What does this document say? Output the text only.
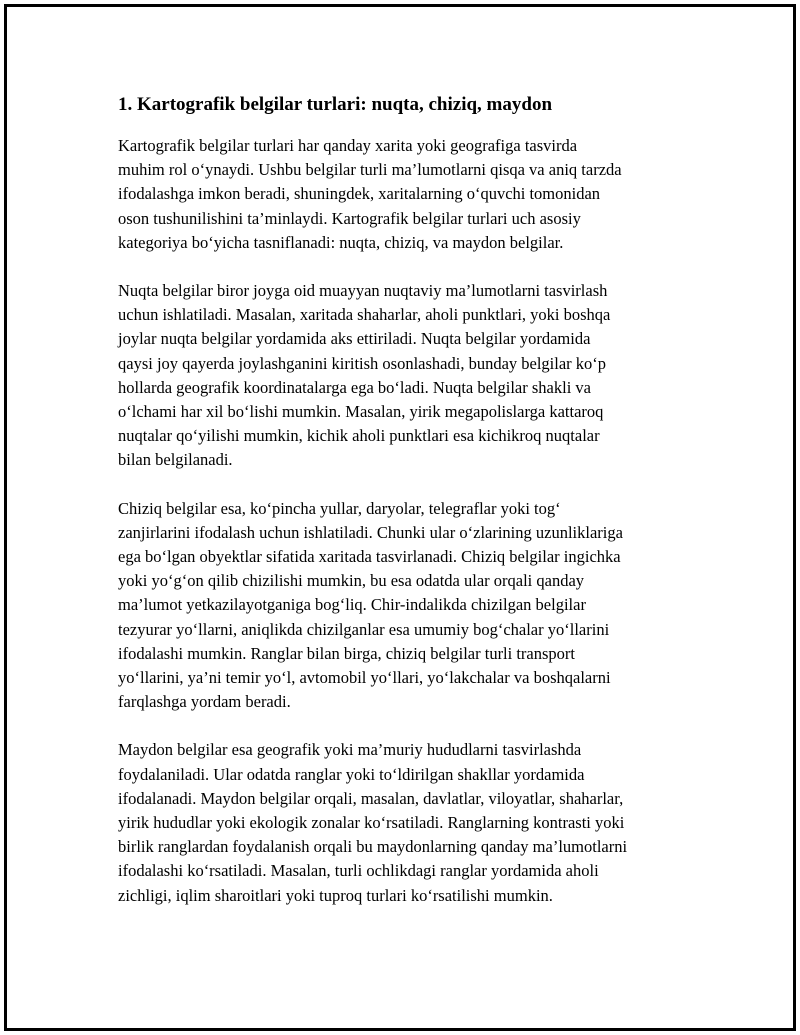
1. Kartografik belgilar turlari: nuqta, chiziq, maydon

Kartografik belgilar turlari har qanday xarita yoki geografiga tasvirda
muhim rol o‘ynaydi. Ushbu belgilar turli ma’lumotlarni qisqa va aniq tarzda
ifodalashga imkon beradi, shuningdek, xaritalarning o‘quvchi tomonidan
oson tushunilishini ta’minlaydi. Kartografik belgilar turlari uch asosiy
kategoriya bo‘yicha tasniflanadi: nuqta, chiziq, va maydon belgilar.

Nuqta belgilar biror joyga oid muayyan nuqtaviy ma’lumotlarni tasvirlash
uchun ishlatiladi. Masalan, xaritada shaharlar, aholi punktlari, yoki boshqa
joylar nuqta belgilar yordamida aks ettiriladi. Nuqta belgilar yordamida
qaysi joy qayerda joylashganini kiritish osonlashadi, bunday belgilar ko‘p
hollarda geografik koordinatalarga ega bo‘ladi. Nuqta belgilar shakli va
o‘lchami har xil bo‘lishi mumkin. Masalan, yirik megapolislarga kattaroq
nuqtalar qo‘yilishi mumkin, kichik aholi punktlari esa kichikroq nuqtalar
bilan belgilanadi.

Chiziq belgilar esa, ko‘pincha yullar, daryolar, telegraflar yoki tog‘
zanjirlarini ifodalash uchun ishlatiladi. Chunki ular o‘zlarining uzunliklariga
ega bo‘lgan obyektlar sifatida xaritada tasvirlanadi. Chiziq belgilar ingichka
yoki yo‘g‘on qilib chizilishi mumkin, bu esa odatda ular orqali qanday
ma’lumot yetkazilayotganiga bog‘liq. Chir-indalikda chizilgan belgilar
tezyurar yo‘llarni, aniqlikda chizilganlar esa umumiy bog‘chalar yo‘llarini
ifodalashi mumkin. Ranglar bilan birga, chiziq belgilar turli transport
yo‘llarini, ya’ni temir yo‘l, avtomobil yo‘llari, yo‘lakchalar va boshqalarni
farqlashga yordam beradi.

Maydon belgilar esa geografik yoki ma’muriy hududlarni tasvirlashda
foydalaniladi. Ular odatda ranglar yoki to‘ldirilgan shakllar yordamida
ifodalanadi. Maydon belgilar orqali, masalan, davlatlar, viloyatlar, shaharlar,
yirik hududlar yoki ekologik zonalar ko‘rsatiladi. Ranglarning kontrasti yoki
birlik ranglardan foydalanish orqali bu maydonlarning qanday ma’lumotlarni
ifodalashi ko‘rsatiladi. Masalan, turli ochlikdagi ranglar yordamida aholi
zichligi, iqlim sharoitlari yoki tuproq turlari ko‘rsatilishi mumkin.
